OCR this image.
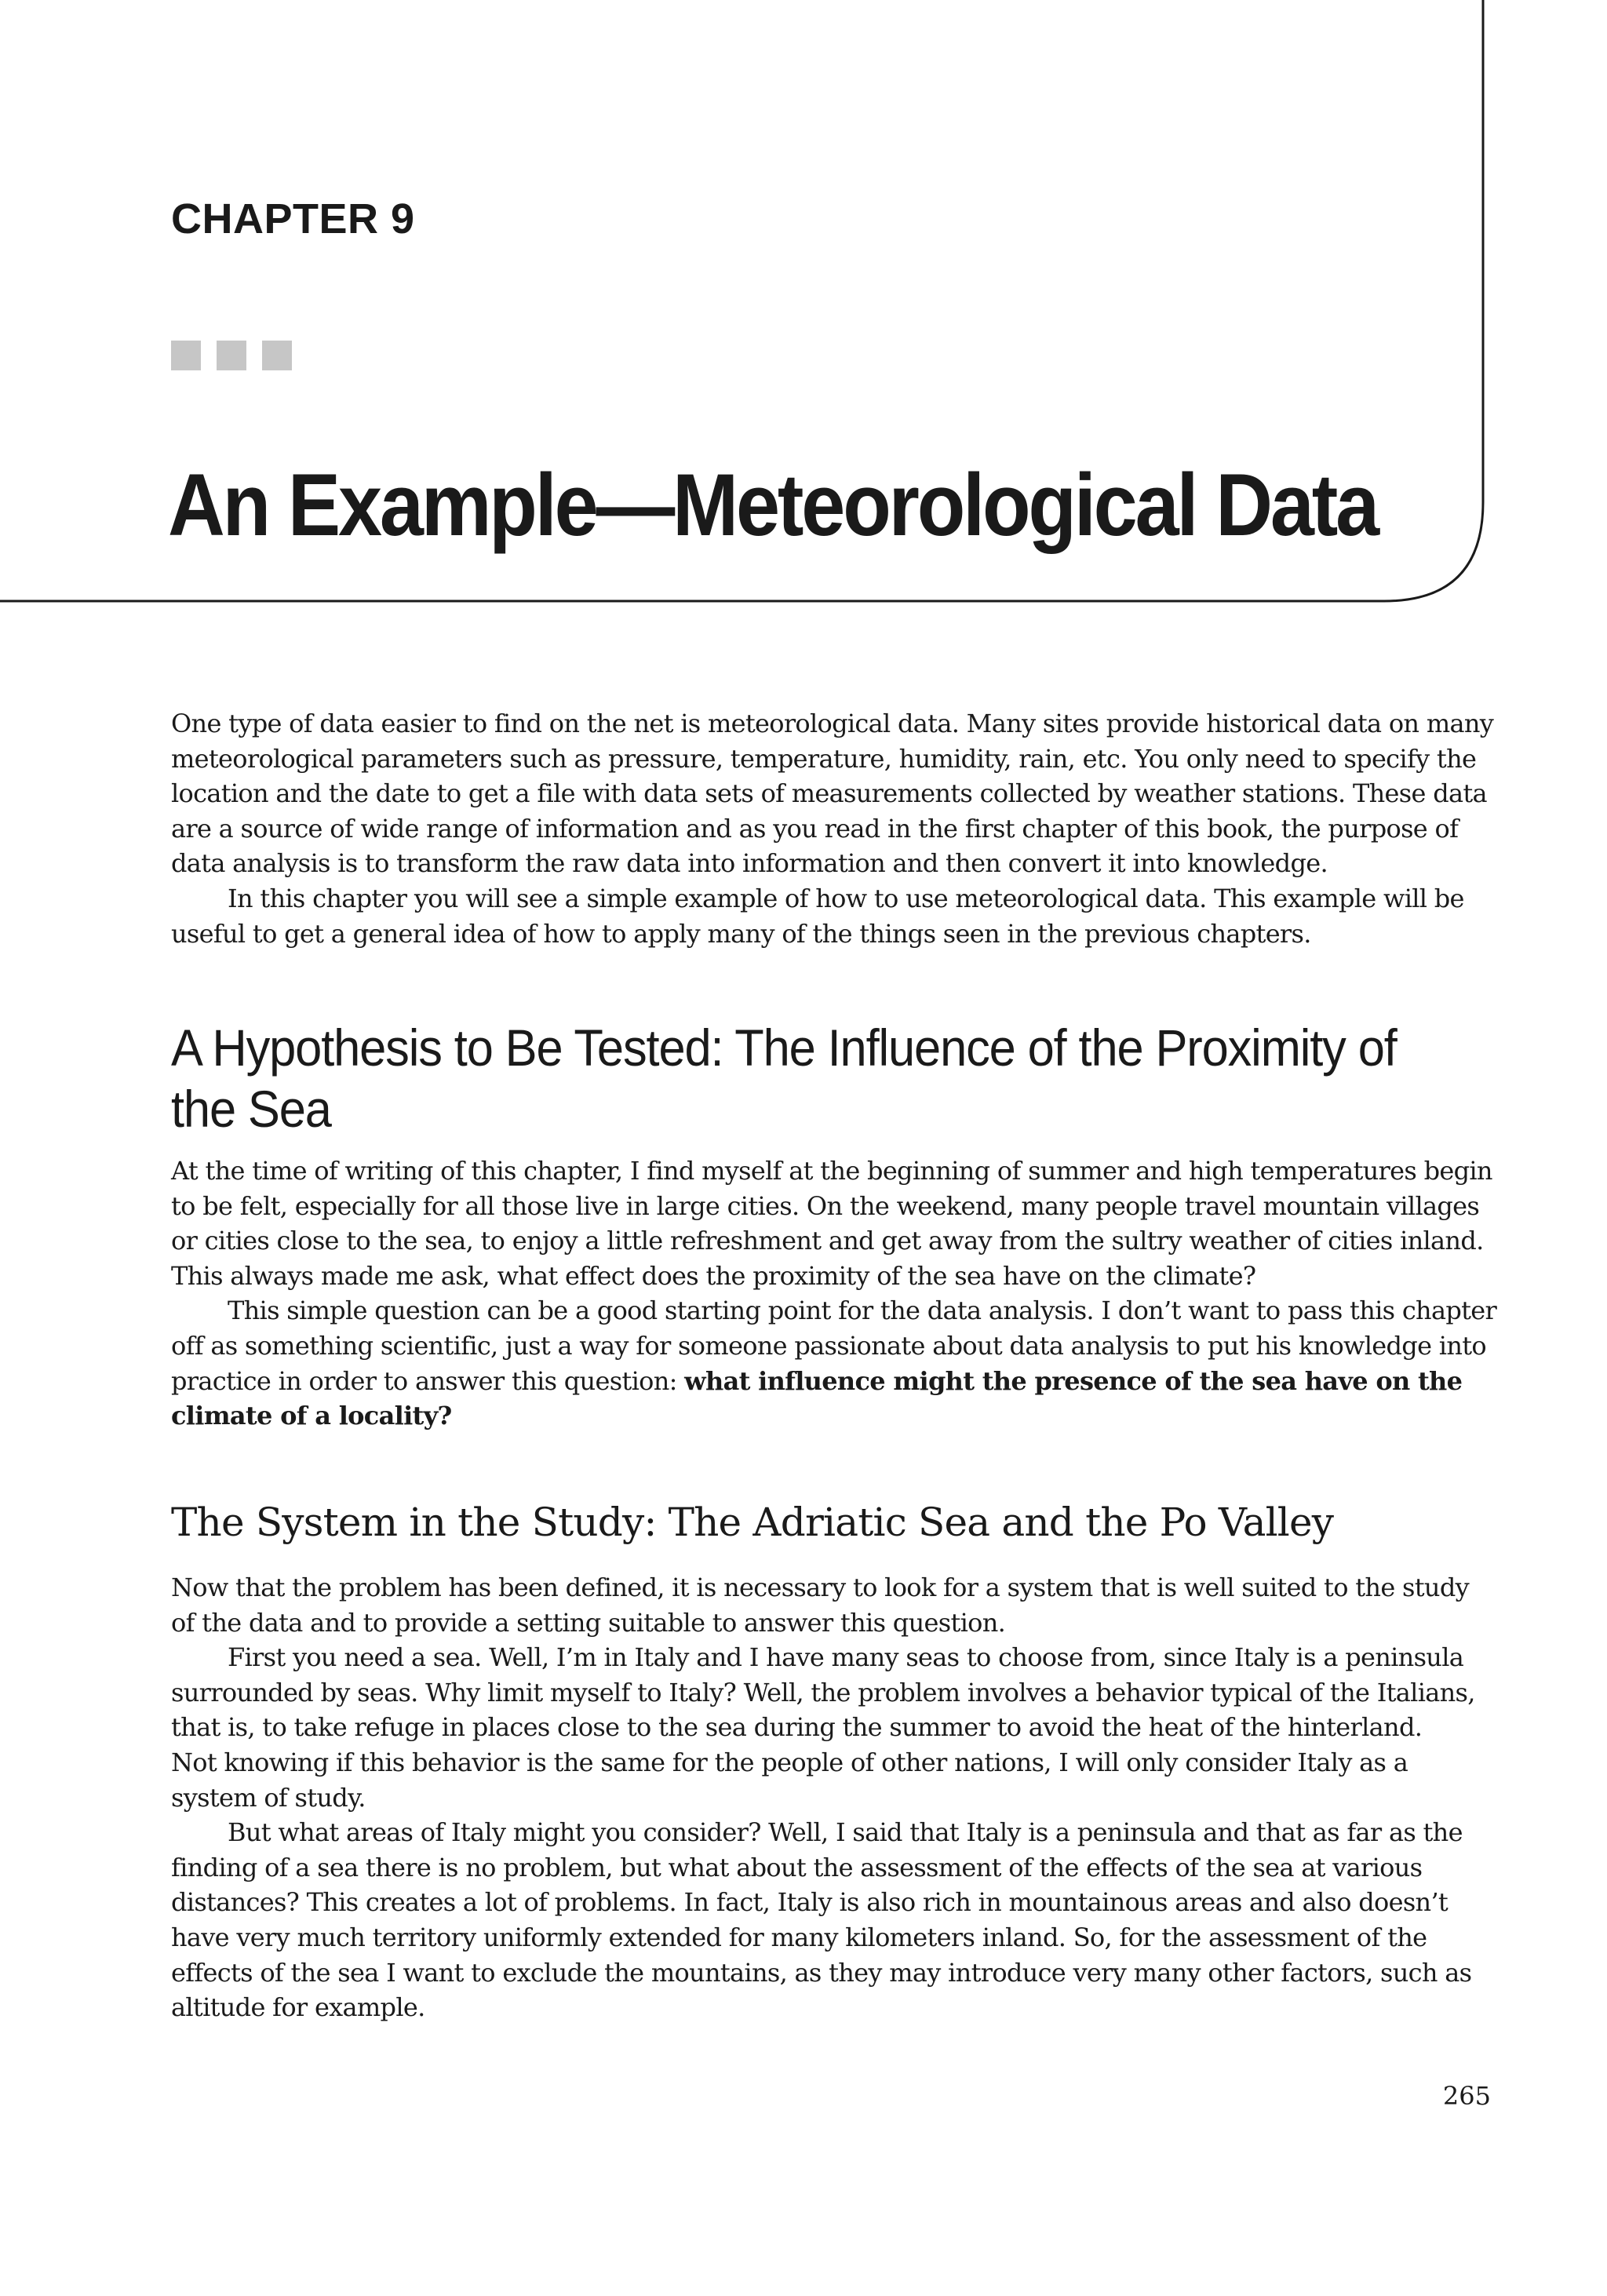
CHAPTER 9
An Example—Meteorological Data

One type of data easier to find on the net is meteorological data. Many sites provide historical data on many meteorological parameters such as pressure, temperature, humidity, rain, etc. You only need to specify the location and the date to get a file with data sets of measurements collected by weather stations. These data are a source of wide range of information and as you read in the first chapter of this book, the purpose of data analysis is to transform the raw data into information and then convert it into knowledge.

In this chapter you will see a simple example of how to use meteorological data. This example will be useful to get a general idea of how to apply many of the things seen in the previous chapters.

A Hypothesis to Be Tested: The Influence of the Proximity of the Sea

At the time of writing of this chapter, I find myself at the beginning of summer and high temperatures begin to be felt, especially for all those live in large cities. On the weekend, many people travel mountain villages or cities close to the sea, to enjoy a little refreshment and get away from the sultry weather of cities inland. This always made me ask, what effect does the proximity of the sea have on the climate?

This simple question can be a good starting point for the data analysis. I don’t want to pass this chapter off as something scientific, just a way for someone passionate about data analysis to put his knowledge into practice in order to answer this question: what influence might the presence of the sea have on the climate of a locality?

The System in the Study: The Adriatic Sea and the Po Valley

Now that the problem has been defined, it is necessary to look for a system that is well suited to the study of the data and to provide a setting suitable to answer this question.

First you need a sea. Well, I’m in Italy and I have many seas to choose from, since Italy is a peninsula surrounded by seas. Why limit myself to Italy? Well, the problem involves a behavior typical of the Italians, that is, to take refuge in places close to the sea during the summer to avoid the heat of the hinterland.

Not knowing if this behavior is the same for the people of other nations, I will only consider Italy as a system of study.

But what areas of Italy might you consider? Well, I said that Italy is a peninsula and that as far as the finding of a sea there is no problem, but what about the assessment of the effects of the sea at various distances? This creates a lot of problems. In fact, Italy is also rich in mountainous areas and also doesn’t have very much territory uniformly extended for many kilometers inland. So, for the assessment of the effects of the sea I want to exclude the mountains, as they may introduce very many other factors, such as altitude for example.

265
